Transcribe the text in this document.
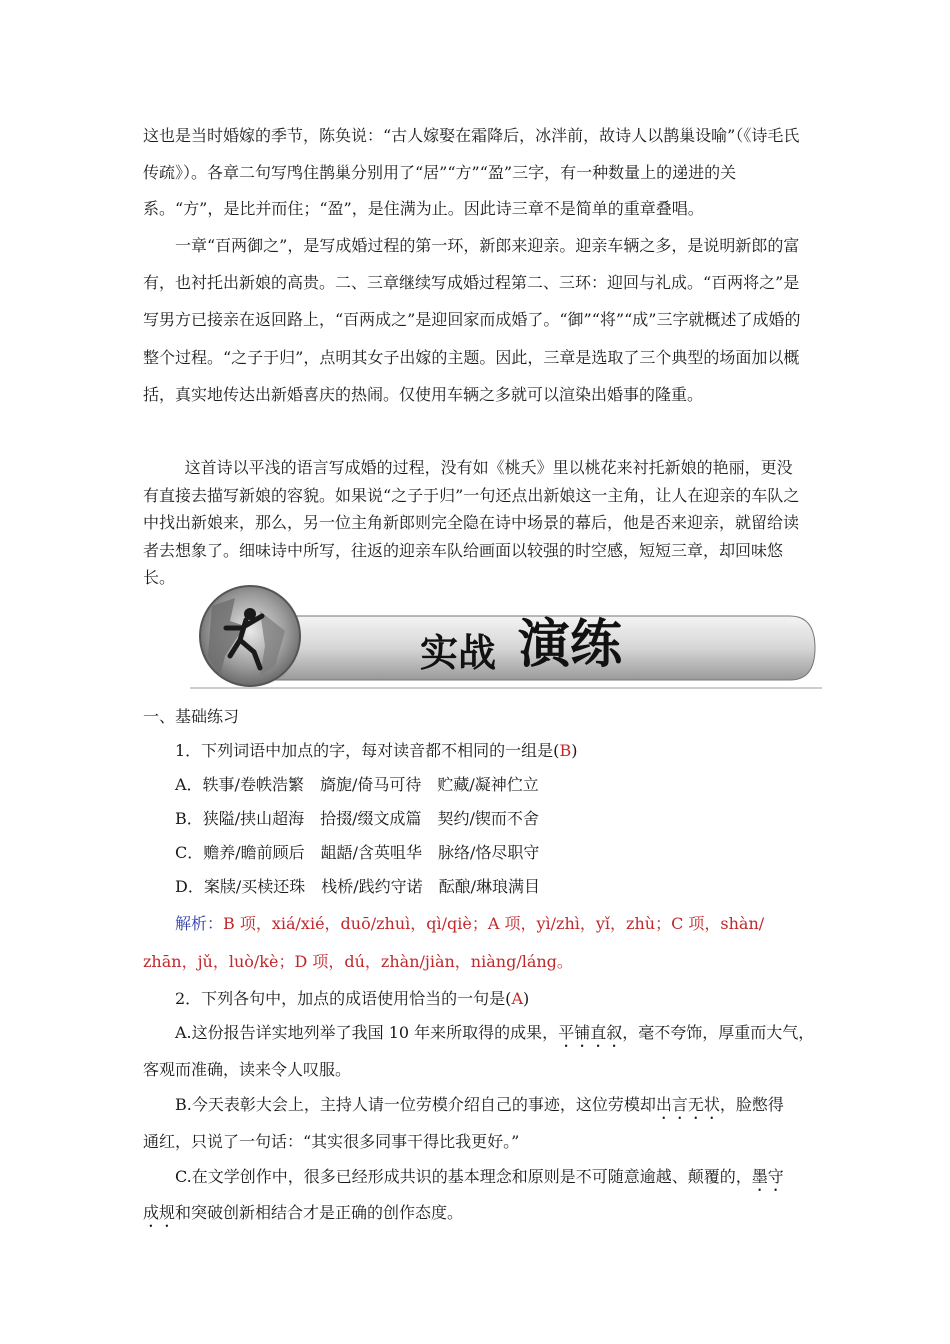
这也是当时婚嫁的季节，陈奂说：“古人嫁娶在霜降后，冰泮前，故诗人以鹊巢设喻”（《诗毛氏传疏》）。各章二句写鸤住鹊巢分别用了“居”“方”“盈”三字，有一种数量上的递进的关系。“方”，是比并而住；“盈”，是住满为止。因此诗三章不是简单的重章叠唱。

一章“百两御之”，是写成婚过程的第一环，新郎来迎亲。迎亲车辆之多，是说明新郎的富有，也衬托出新娘的高贵。二、三章继续写成婚过程第二、三环：迎回与礼成。“百两将之”是写男方已接亲在返回路上，“百两成之”是迎回家而成婚了。“御”“将”“成”三字就概述了成婚的整个过程。“之子于归”，点明其女子出嫁的主题。因此，三章是选取了三个典型的场面加以概括，真实地传达出新婚喜庆的热闹。仅使用车辆之多就可以渲染出婚事的隆重。

这首诗以平浅的语言写成婚的过程，没有如《桃夭》里以桃花来衬托新娘的艳丽，更没有直接去描写新娘的容貌。如果说“之子于归”一句还点出新娘这一主角，让人在迎亲的车队之中找出新娘来，那么，另一位主角新郎则完全隐在诗中场景的幕后，他是否来迎亲，就留给读者去想象了。细味诗中所写，往返的迎亲车队给画面以较强的时空感，短短三章，却回味悠长。

实战 演练
一、基础练习
1．下列词语中加点的字，每对读音都不相同的一组是(B)
A．轶事/卷帙浩繁　旖旎/倚马可待　贮藏/凝神伫立
B．狭隘/挟山超海　拾掇/缀文成篇　契约/锲而不舍
C．赡养/瞻前顾后　龃龉/含英咀华　脉络/恪尽职守
D．案牍/买椟还珠　栈桥/践约守诺　酝酿/琳琅满目
解析：B 项，xiá/xié，duō/zhuì，qì/qiè；A 项，yì/zhì，yǐ，zhù；C 项，shàn/
zhān，jǔ，luò/kè；D 项，dú，zhàn/jiàn，niàng/láng。
2．下列各句中，加点的成语使用恰当的一句是(A)
A.这份报告详实地列举了我国 10 年来所取得的成果，平铺直叙，毫不夸饰，厚重而大气，
客观而准确，读来令人叹服。
B.今天表彰大会上，主持人请一位劳模介绍自己的事迹，这位劳模却出言无状，脸憋得
通红，只说了一句话：“其实很多同事干得比我更好。”
C.在文学创作中，很多已经形成共识的基本理念和原则是不可随意逾越、颠覆的，墨守
成规和突破创新相结合才是正确的创作态度。
